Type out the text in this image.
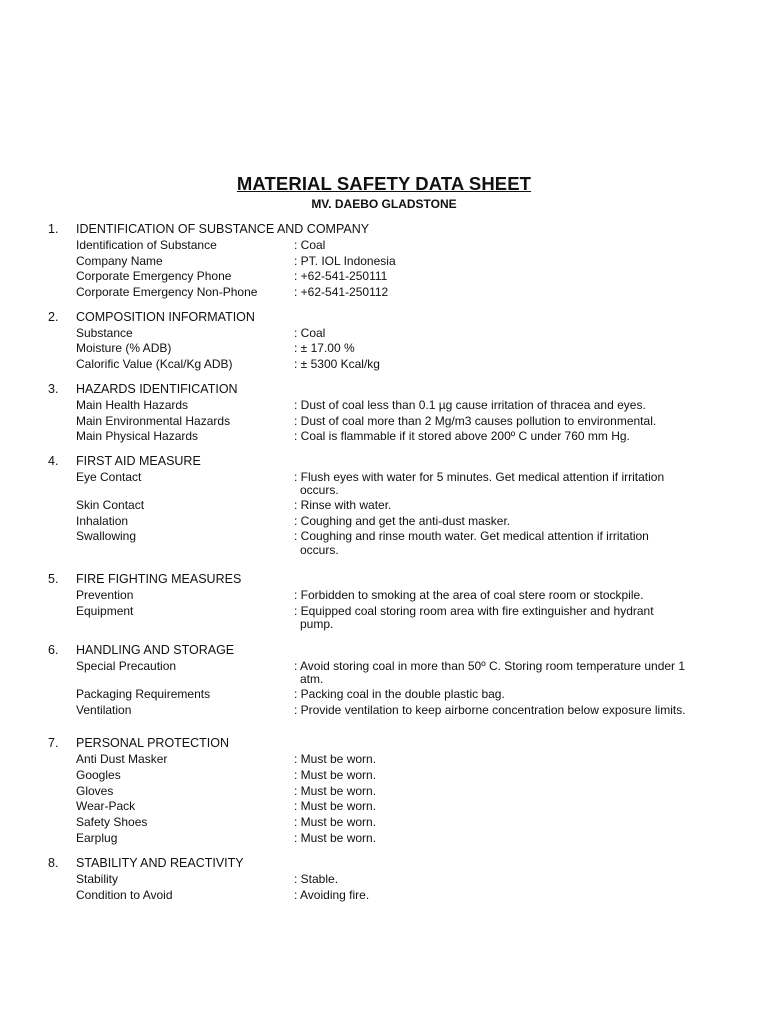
MATERIAL SAFETY DATA SHEET
MV. DAEBO GLADSTONE
1. IDENTIFICATION OF SUBSTANCE AND COMPANY
Identification of Substance	: Coal
Company Name	: PT. IOL Indonesia
Corporate Emergency Phone	: +62-541-250111
Corporate Emergency Non-Phone	: +62-541-250112
2. COMPOSITION INFORMATION
Substance	: Coal
Moisture (% ADB)	: ± 17.00 %
Calorific Value (Kcal/Kg ADB)	: ± 5300 Kcal/kg
3. HAZARDS IDENTIFICATION
Main Health Hazards	: Dust of coal less than 0.1 µg cause irritation of thracea and eyes.
Main Environmental Hazards	: Dust of coal more than 2 Mg/m3 causes pollution to environmental.
Main Physical Hazards	: Coal is flammable if it stored above 200º C under 760 mm Hg.
4. FIRST AID MEASURE
Eye Contact	: Flush eyes with water for 5 minutes. Get medical attention if irritation
occurs.
Skin Contact	: Rinse with water.
Inhalation	: Coughing and get the anti-dust masker.
Swallowing	: Coughing and rinse mouth water. Get medical attention if irritation
occurs.
5. FIRE FIGHTING MEASURES
Prevention	: Forbidden to smoking at the area of coal stere room or stockpile.
Equipment	: Equipped coal storing room area with fire extinguisher and hydrant
pump.
6. HANDLING AND STORAGE
Special Precaution	: Avoid storing coal in more than 50º C. Storing room temperature under 1
atm.
Packaging Requirements	: Packing coal in the double plastic bag.
Ventilation	: Provide ventilation to keep airborne concentration below exposure limits.
7. PERSONAL PROTECTION
Anti Dust Masker	: Must be worn.
Googles	: Must be worn.
Gloves	: Must be worn.
Wear-Pack	: Must be worn.
Safety Shoes	: Must be worn.
Earplug	: Must be worn.
8. STABILITY AND REACTIVITY
Stability	: Stable.
Condition to Avoid	: Avoiding fire.
